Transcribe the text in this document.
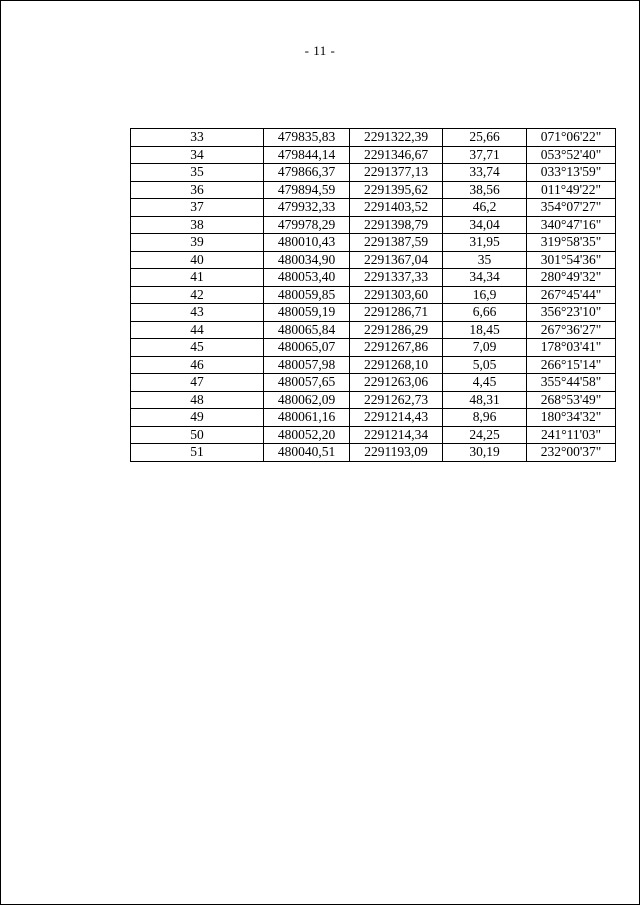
- 11 -
33	479835,83	2291322,39	25,66	071°06'22"
34	479844,14	2291346,67	37,71	053°52'40"
35	479866,37	2291377,13	33,74	033°13'59"
36	479894,59	2291395,62	38,56	011°49'22"
37	479932,33	2291403,52	46,2	354°07'27"
38	479978,29	2291398,79	34,04	340°47'16"
39	480010,43	2291387,59	31,95	319°58'35"
40	480034,90	2291367,04	35	301°54'36"
41	480053,40	2291337,33	34,34	280°49'32"
42	480059,85	2291303,60	16,9	267°45'44"
43	480059,19	2291286,71	6,66	356°23'10"
44	480065,84	2291286,29	18,45	267°36'27"
45	480065,07	2291267,86	7,09	178°03'41"
46	480057,98	2291268,10	5,05	266°15'14"
47	480057,65	2291263,06	4,45	355°44'58"
48	480062,09	2291262,73	48,31	268°53'49"
49	480061,16	2291214,43	8,96	180°34'32"
50	480052,20	2291214,34	24,25	241°11'03"
51	480040,51	2291193,09	30,19	232°00'37"
